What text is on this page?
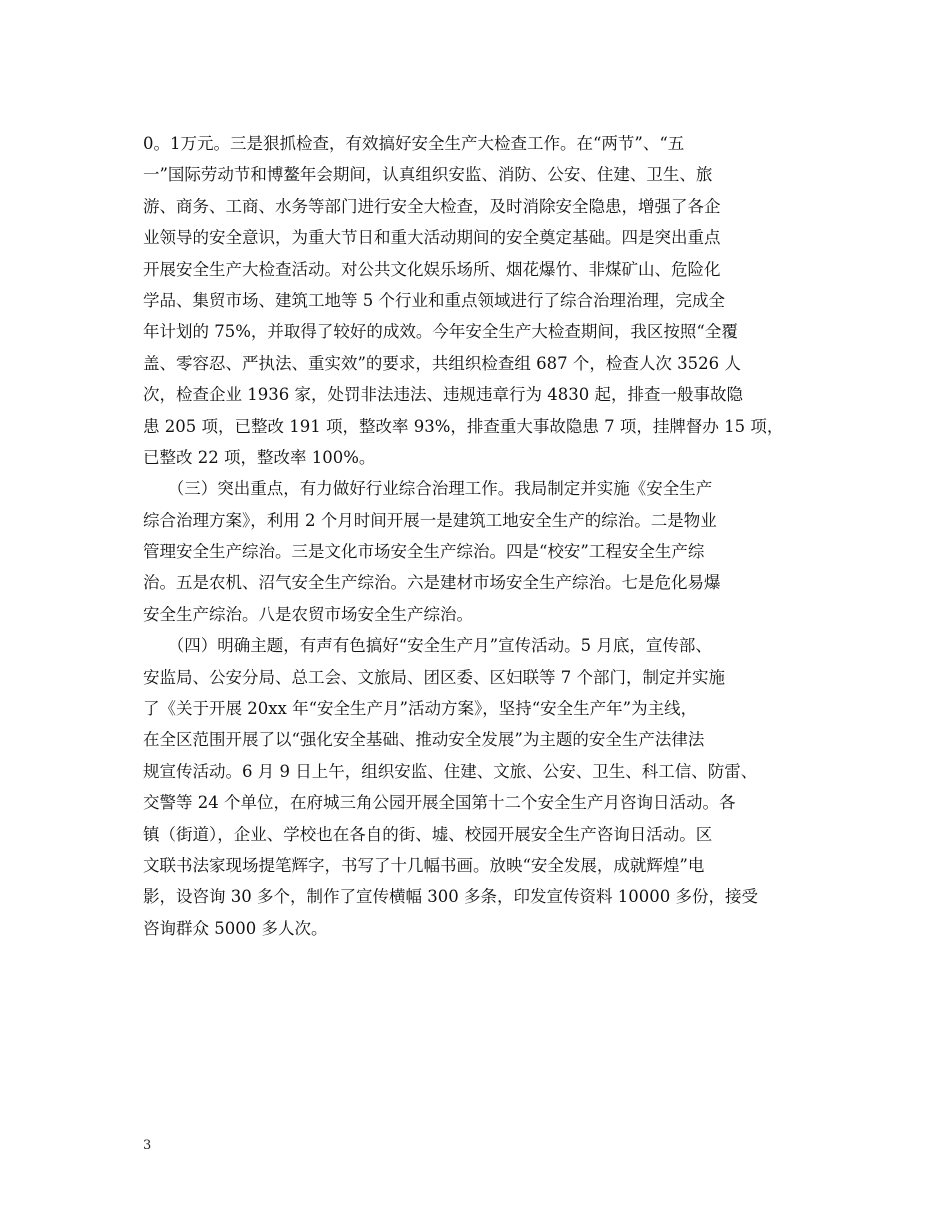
0。1万元。三是狠抓检查，有效搞好安全生产大检查工作。在“两节”、“五
一”国际劳动节和博鳌年会期间，认真组织安监、消防、公安、住建、卫生、旅
游、商务、工商、水务等部门进行安全大检查，及时消除安全隐患，增强了各企
业领导的安全意识，为重大节日和重大活动期间的安全奠定基础。四是突出重点
开展安全生产大检查活动。对公共文化娱乐场所、烟花爆竹、非煤矿山、危险化
学品、集贸市场、建筑工地等 5 个行业和重点领域进行了综合治理治理，完成全
年计划的 75%，并取得了较好的成效。今年安全生产大检查期间，我区按照“全覆
盖、零容忍、严执法、重实效”的要求，共组织检查组 687 个，检查人次 3526 人
次，检查企业 1936 家，处罚非法违法、违规违章行为 4830 起，排查一般事故隐
患 205 项，已整改 191 项，整改率 93%，排查重大事故隐患 7 项，挂牌督办 15 项，
已整改 22 项，整改率 100%。
　　（三）突出重点，有力做好行业综合治理工作。我局制定并实施《安全生产
综合治理方案》，利用 2 个月时间开展一是建筑工地安全生产的综治。二是物业
管理安全生产综治。三是文化市场安全生产综治。四是“校安”工程安全生产综
治。五是农机、沼气安全生产综治。六是建材市场安全生产综治。七是危化易爆
安全生产综治。八是农贸市场安全生产综治。
　　（四）明确主题，有声有色搞好“安全生产月”宣传活动。5 月底，宣传部、
安监局、公安分局、总工会、文旅局、团区委、区妇联等 7 个部门，制定并实施
了《关于开展 20xx 年“安全生产月”活动方案》，坚持“安全生产年”为主线，
在全区范围开展了以“强化安全基础、推动安全发展”为主题的安全生产法律法
规宣传活动。6 月 9 日上午，组织安监、住建、文旅、公安、卫生、科工信、防雷、
交警等 24 个单位，在府城三角公园开展全国第十二个安全生产月咨询日活动。各
镇（街道），企业、学校也在各自的街、墟、校园开展安全生产咨询日活动。区
文联书法家现场提笔辉字，书写了十几幅书画。放映“安全发展，成就辉煌”电
影，设咨询 30 多个，制作了宣传横幅 300 多条，印发宣传资料 10000 多份，接受
咨询群众 5000 多人次。
3
